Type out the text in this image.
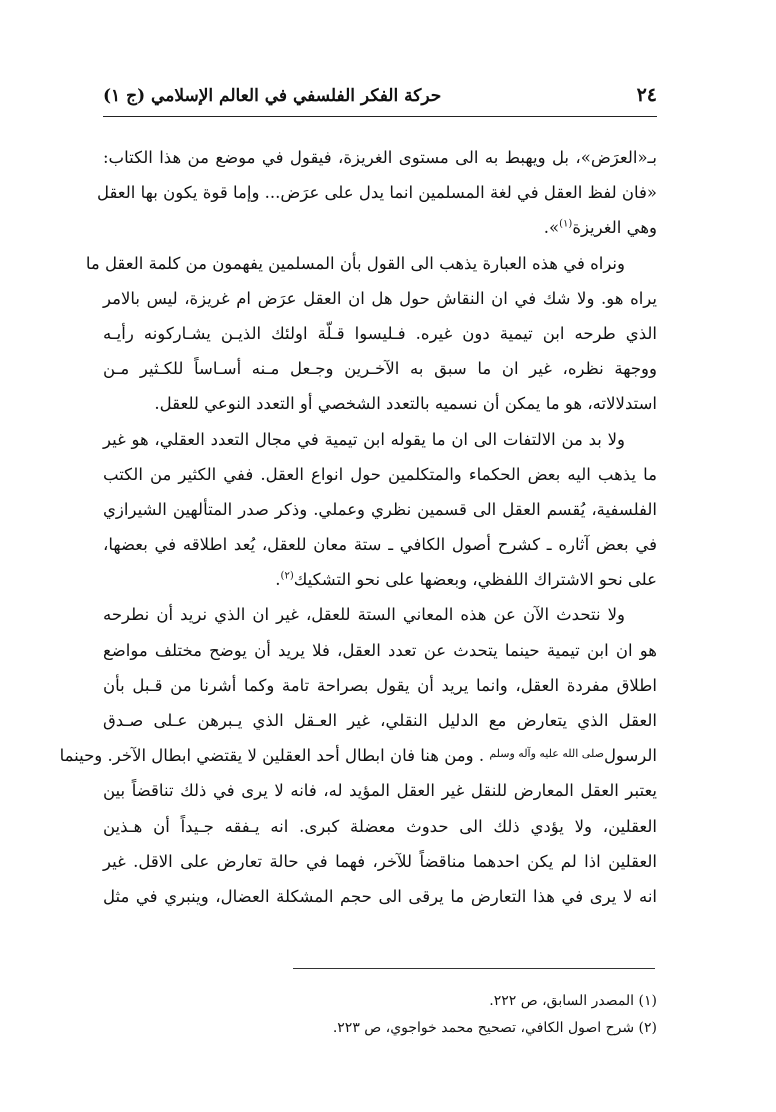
٢٤
حركة الفكر الفلسفي في العالم الإسلامي (ج ١)
بـ«العرَض»، بل ويهبط به الى مستوى الغريزة، فيقول في موضع من هذا الكتاب:
«فان لفظ العقل في لغة المسلمين انما يدل على عرَض... وإما قوة يكون بها العقل
وهي الغريزة$^{(١)}$».
ونراه في هذه العبارة يذهب الى القول بأن المسلمين يفهمون من كلمة العقل ما
يراه هو. ولا شك في ان النقاش حول هل ان العقل عرَض ام غريزة، ليس بالامر
الذي طرحه ابن تيمية دون غيره. فـليسوا قـلّة اولئك الذيـن يشـاركونه رأيـه
ووجهة نظره، غير ان ما سبق به الآخـرين وجـعل مـنه أسـاساً للكـثير مـن
استدلالاته، هو ما يمكن أن نسميه بالتعدد الشخصي أو التعدد النوعي للعقل.
ولا بد من الالتفات الى ان ما يقوله ابن تيمية في مجال التعدد العقلي، هو غير
ما يذهب اليه بعض الحكماء والمتكلمين حول انواع العقل. ففي الكثير من الكتب
الفلسفية، يُقسم العقل الى قسمين نظري وعملي. وذكر صدر المتألهين الشيرازي
في بعض آثاره ـ كشرح أصول الكافي ـ ستة معان للعقل، يُعد اطلاقه في بعضها،
على نحو الاشتراك اللفظي، وبعضها على نحو التشكيك$^{(٢)}$.
ولا نتحدث الآن عن هذه المعاني الستة للعقل، غير ان الذي نريد أن نطرحه
هو ان ابن تيمية حينما يتحدث عن تعدد العقل، فلا يريد أن يوضح مختلف مواضع
اطلاق مفردة العقل، وانما يريد أن يقول بصراحة تامة وكما أشرنا من قـبل بأن
العقل الذي يتعارض مع الدليل النقلي، غير العـقل الذي يـبرهن عـلى صـدق
الرسولصلى الله عليه وآله وسلم . ومن هنا فان ابطال أحد العقلين لا يقتضي ابطال الآخر. وحينما
يعتبر العقل المعارض للنقل غير العقل المؤيد له، فانه لا يرى في ذلك تناقضاً بين
العقلين، ولا يؤدي ذلك الى حدوث معضلة كبرى. انه يـفقه جـيداً أن هـذين
العقلين اذا لم يكن احدهما مناقضاً للآخر، فهما في حالة تعارض على الاقل. غير
انه لا يرى في هذا التعارض ما يرقى الى حجم المشكلة العضال، وينبري في مثل
(١) المصدر السابق، ص ٢٢٢.
(٢) شرح اصول الكافي، تصحيح محمد خواجوي، ص ٢٢٣.
